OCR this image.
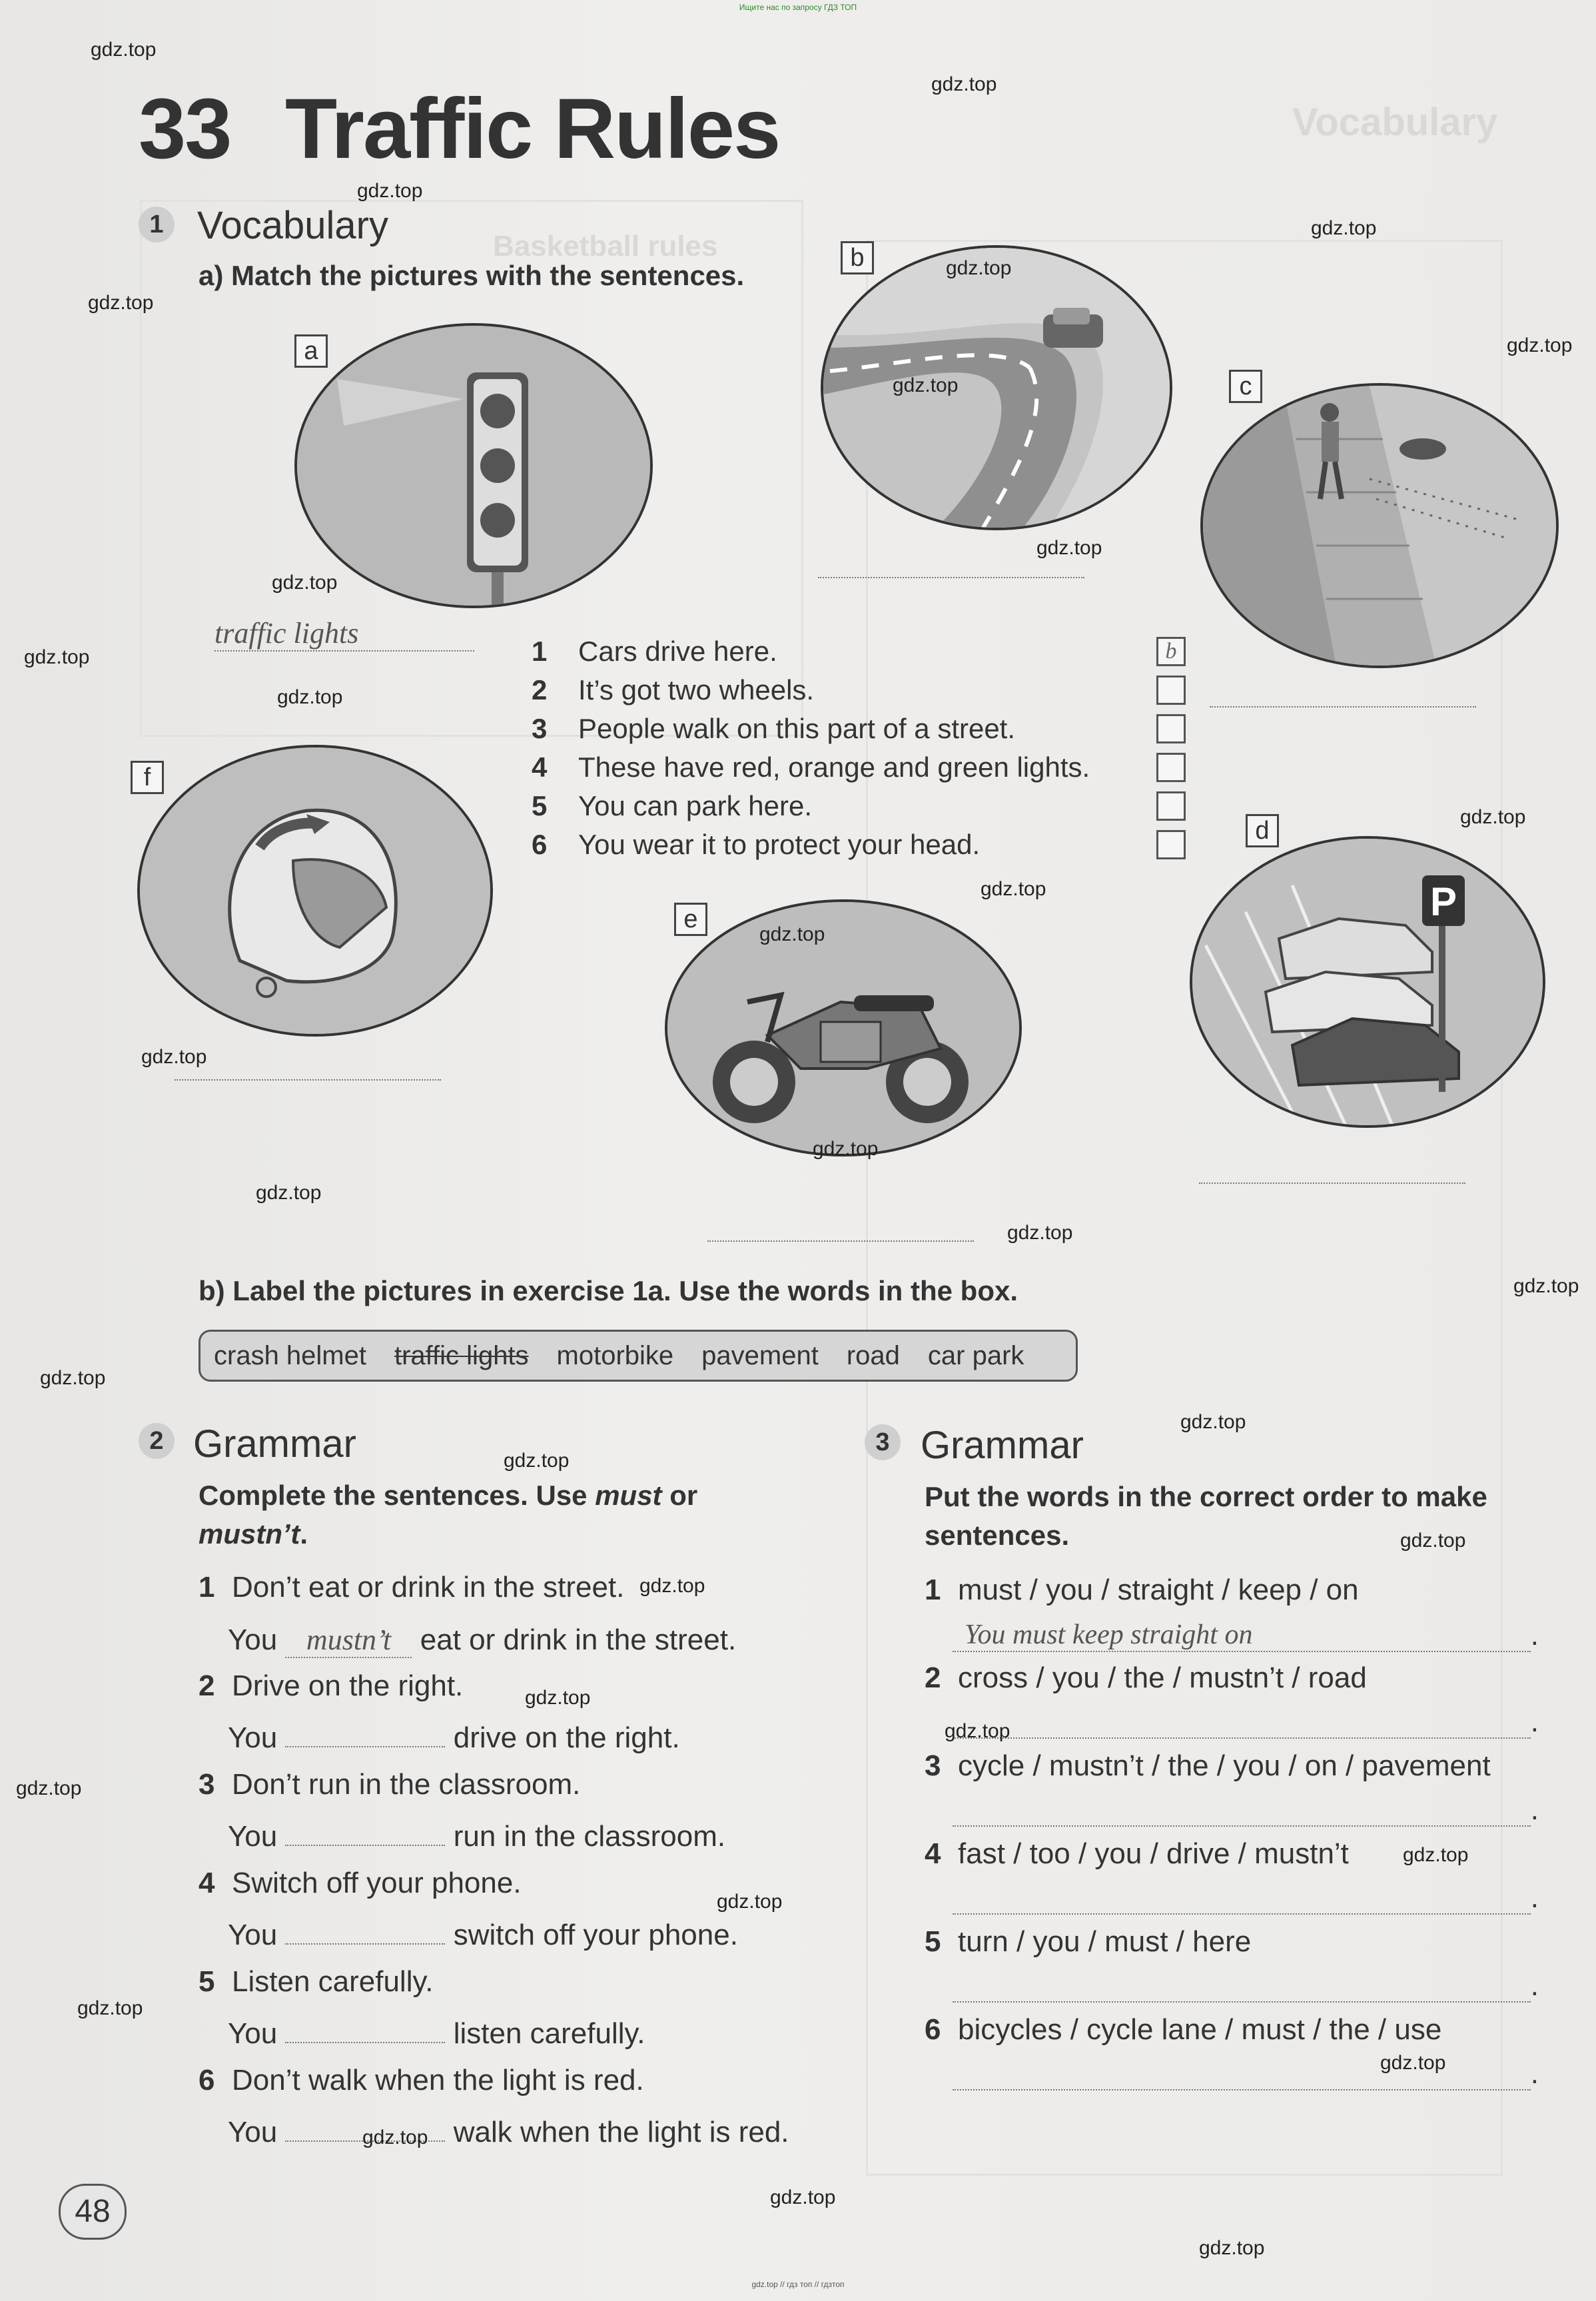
Ищите нас по запросу ГДЗ ТОП
gdz.top // гдз топ // гдзтоп
Vocabulary
Basketball rules
33 Traffic Rules
1 Vocabulary
a) Match the pictures with the sentences.
a
traffic lights
b
c
1 Cars drive here.
2 It’s got two wheels.
3 People walk on this part of a street.
4 These have red, orange and green lights.
5 You can park here.
6 You wear it to protect your head.
b
f
e
d
P
b) Label the pictures in exercise 1a. Use the words in the box.
crash helmet traffic lights motorbike pavement road car park
2 Grammar
Complete the sentences. Use must or mustn’t.
1 Don’t eat or drink in the street.
You mustn’t eat or drink in the street.
2 Drive on the right.
You	drive on the right.
3 Don’t run in the classroom.
You	run in the classroom.
4 Switch off your phone.
You	switch off your phone.
5 Listen carefully.
You	listen carefully.
6 Don’t walk when the light is red.
You	walk when the light is red.
3 Grammar
Put the words in the correct order to make sentences.
1 must / you / straight / keep / on
You must keep straight on	.
2 cross / you / the / mustn’t / road
.
3 cycle / mustn’t / the / you / on / pavement
.
4 fast / too / you / drive / mustn’t
.
5 turn / you / must / here
.
6 bicycles / cycle lane / must / the / use
.
48
gdz.top
gdz.top
gdz.top
gdz.top
gdz.top
gdz.top
gdz.top
gdz.top
gdz.top
gdz.top
gdz.top
gdz.top
gdz.top
gdz.top
gdz.top
gdz.top
gdz.top
gdz.top
gdz.top
gdz.top
gdz.top
gdz.top
gdz.top
gdz.top
gdz.top
gdz.top
gdz.top
gdz.top
gdz.top
gdz.top
gdz.top
gdz.top
gdz.top
gdz.top
gdz.top
